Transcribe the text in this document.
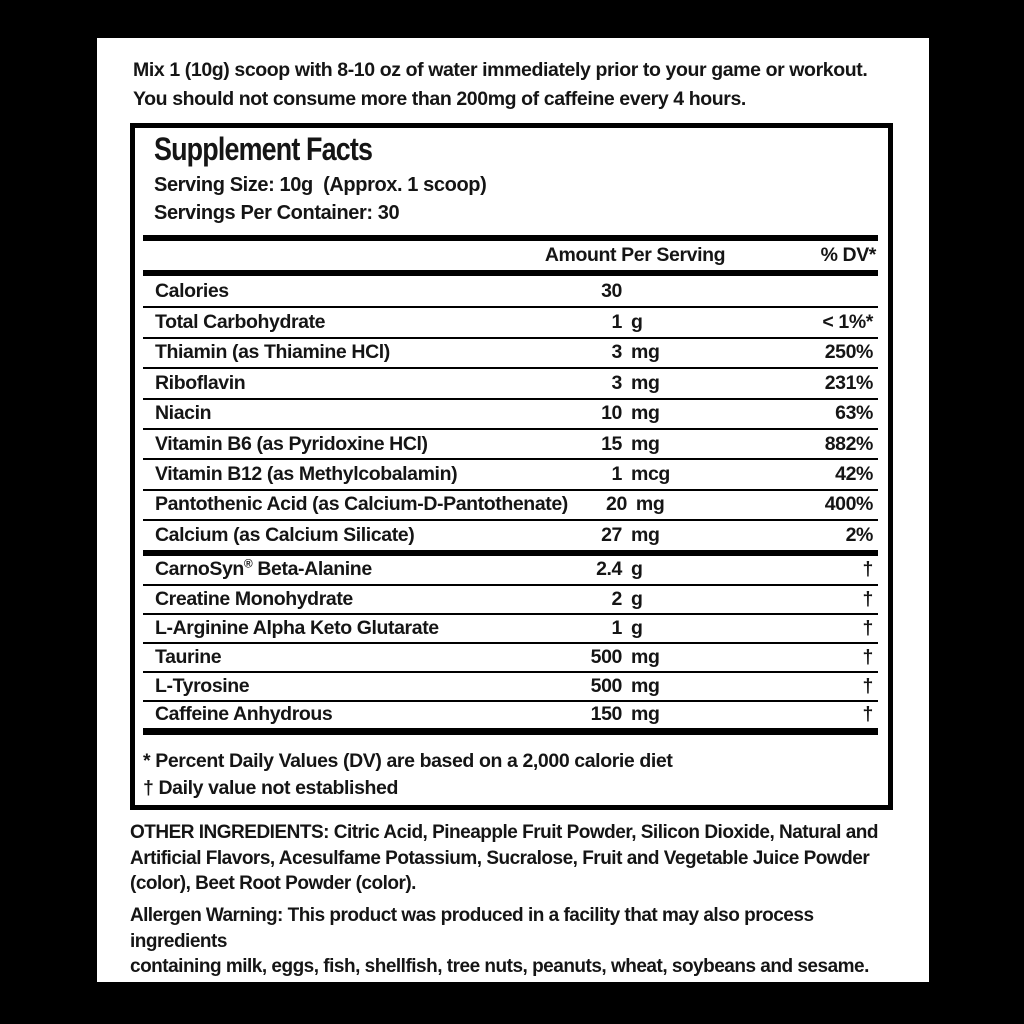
Mix 1 (10g) scoop with 8-10 oz of water immediately prior to your game or workout.
You should not consume more than 200mg of caffeine every 4 hours.
Supplement Facts
Serving Size: 10g  (Approx. 1 scoop)
Servings Per Container: 30
Amount Per Serving	% DV*
Calories	30
Total Carbohydrate	1 g	< 1%*
Thiamin (as Thiamine HCl)	3 mg	250%
Riboflavin	3 mg	231%
Niacin	10 mg	63%
Vitamin B6 (as Pyridoxine HCl)	15 mg	882%
Vitamin B12 (as Methylcobalamin)	1 mcg	42%
Pantothenic Acid (as Calcium-D-Pantothenate)	20 mg	400%
Calcium (as Calcium Silicate)	27 mg	2%
CarnoSyn® Beta-Alanine	2.4 g	†
Creatine Monohydrate	2 g	†
L-Arginine Alpha Keto Glutarate	1 g	†
Taurine	500 mg	†
L-Tyrosine	500 mg	†
Caffeine Anhydrous	150 mg	†
* Percent Daily Values (DV) are based on a 2,000 calorie diet
† Daily value not established
OTHER INGREDIENTS: Citric Acid, Pineapple Fruit Powder, Silicon Dioxide, Natural and
Artificial Flavors, Acesulfame Potassium, Sucralose, Fruit and Vegetable Juice Powder
(color), Beet Root Powder (color).
Allergen Warning: This product was produced in a facility that may also process ingredients
containing milk, eggs, fish, shellfish, tree nuts, peanuts, wheat, soybeans and sesame.
